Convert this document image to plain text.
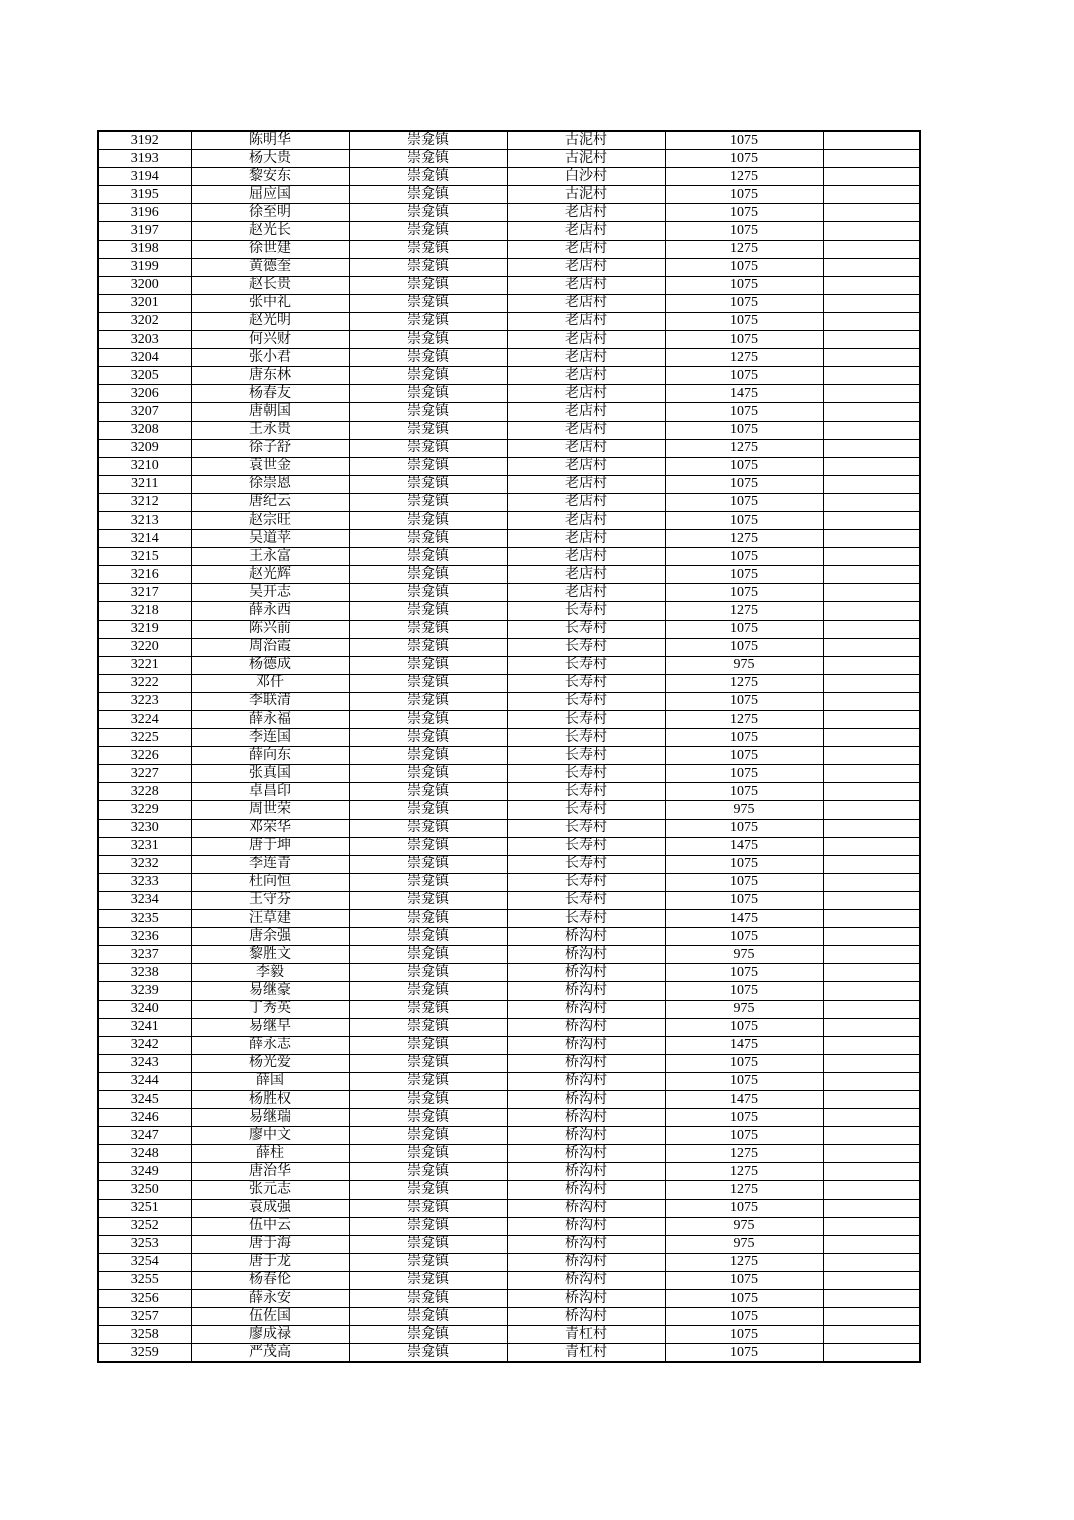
3192	陈明华	崇龛镇	古泥村	1075	
3193	杨大贵	崇龛镇	古泥村	1075	
3194	黎安东	崇龛镇	白沙村	1275	
3195	屈应国	崇龛镇	古泥村	1075	
3196	徐至明	崇龛镇	老店村	1075	
3197	赵光长	崇龛镇	老店村	1075	
3198	徐世建	崇龛镇	老店村	1275	
3199	黄德奎	崇龛镇	老店村	1075	
3200	赵长贵	崇龛镇	老店村	1075	
3201	张中礼	崇龛镇	老店村	1075	
3202	赵光明	崇龛镇	老店村	1075	
3203	何兴财	崇龛镇	老店村	1075	
3204	张小君	崇龛镇	老店村	1275	
3205	唐东林	崇龛镇	老店村	1075	
3206	杨春友	崇龛镇	老店村	1475	
3207	唐朝国	崇龛镇	老店村	1075	
3208	王永贵	崇龛镇	老店村	1075	
3209	徐子舒	崇龛镇	老店村	1275	
3210	袁世金	崇龛镇	老店村	1075	
3211	徐崇恩	崇龛镇	老店村	1075	
3212	唐纪云	崇龛镇	老店村	1075	
3213	赵宗旺	崇龛镇	老店村	1075	
3214	吴道苹	崇龛镇	老店村	1275	
3215	王永富	崇龛镇	老店村	1075	
3216	赵光辉	崇龛镇	老店村	1075	
3217	吴开志	崇龛镇	老店村	1075	
3218	薛永西	崇龛镇	长寿村	1275	
3219	陈兴前	崇龛镇	长寿村	1075	
3220	周治霞	崇龛镇	长寿村	1075	
3221	杨德成	崇龛镇	长寿村	975	
3222	邓仟	崇龛镇	长寿村	1275	
3223	李联清	崇龛镇	长寿村	1075	
3224	薛永福	崇龛镇	长寿村	1275	
3225	李连国	崇龛镇	长寿村	1075	
3226	薛向东	崇龛镇	长寿村	1075	
3227	张真国	崇龛镇	长寿村	1075	
3228	卓昌印	崇龛镇	长寿村	1075	
3229	周世荣	崇龛镇	长寿村	975	
3230	邓荣华	崇龛镇	长寿村	1075	
3231	唐于坤	崇龛镇	长寿村	1475	
3232	李连青	崇龛镇	长寿村	1075	
3233	杜向恒	崇龛镇	长寿村	1075	
3234	王守芬	崇龛镇	长寿村	1075	
3235	汪草建	崇龛镇	长寿村	1475	
3236	唐余强	崇龛镇	桥沟村	1075	
3237	黎胜文	崇龛镇	桥沟村	975	
3238	李毅	崇龛镇	桥沟村	1075	
3239	易继豪	崇龛镇	桥沟村	1075	
3240	丁秀英	崇龛镇	桥沟村	975	
3241	易继早	崇龛镇	桥沟村	1075	
3242	薛永志	崇龛镇	桥沟村	1475	
3243	杨光爱	崇龛镇	桥沟村	1075	
3244	薛国	崇龛镇	桥沟村	1075	
3245	杨胜权	崇龛镇	桥沟村	1475	
3246	易继瑞	崇龛镇	桥沟村	1075	
3247	廖中文	崇龛镇	桥沟村	1075	
3248	薛柱	崇龛镇	桥沟村	1275	
3249	唐治华	崇龛镇	桥沟村	1275	
3250	张元志	崇龛镇	桥沟村	1275	
3251	袁成强	崇龛镇	桥沟村	1075	
3252	伍中云	崇龛镇	桥沟村	975	
3253	唐于海	崇龛镇	桥沟村	975	
3254	唐于龙	崇龛镇	桥沟村	1275	
3255	杨春伦	崇龛镇	桥沟村	1075	
3256	薛永安	崇龛镇	桥沟村	1075	
3257	伍佐国	崇龛镇	桥沟村	1075	
3258	廖成禄	崇龛镇	青杠村	1075	
3259	严茂高	崇龛镇	青杠村	1075	
